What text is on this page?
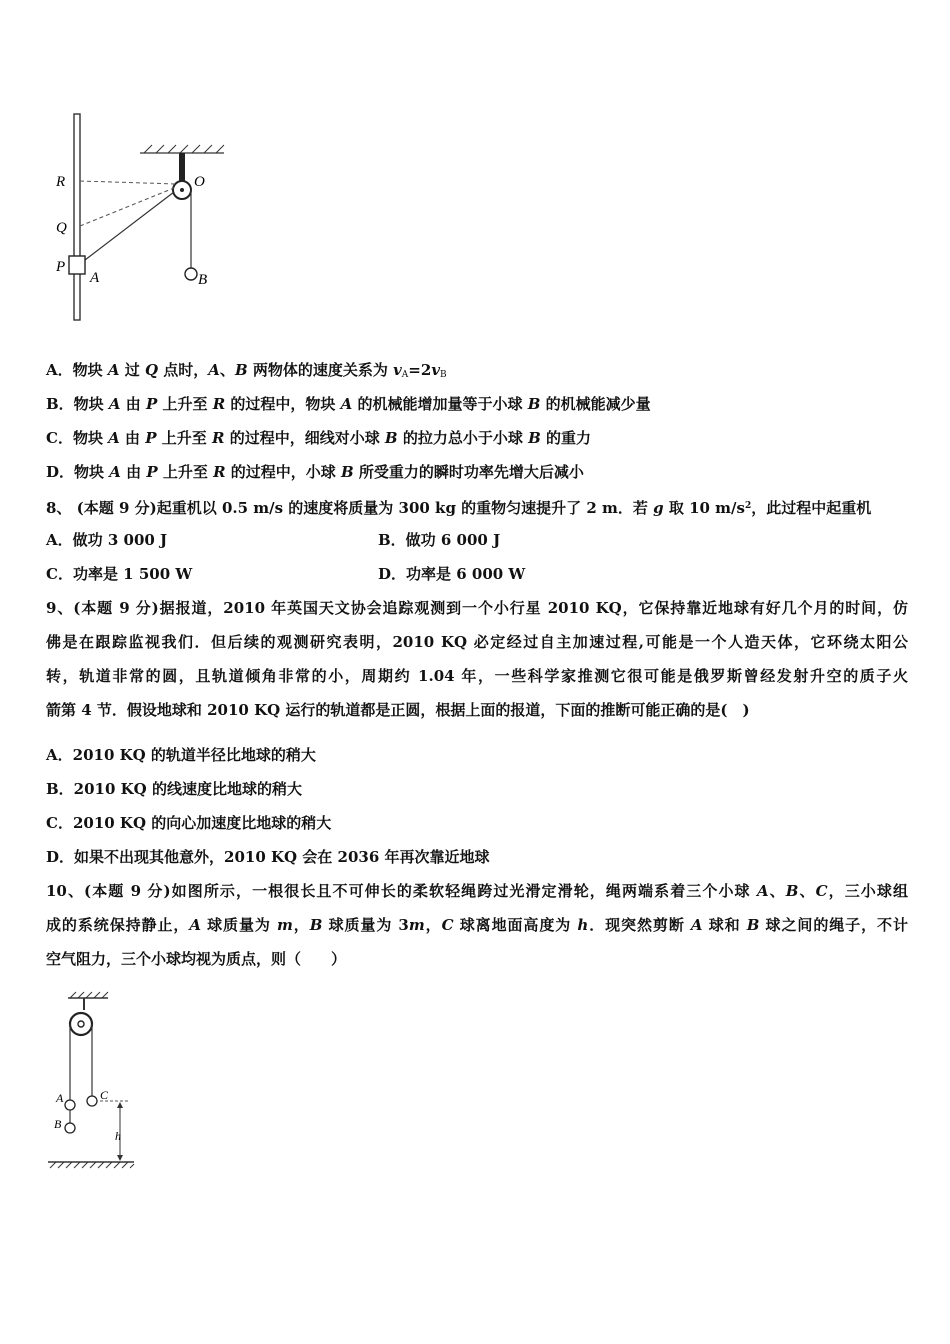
R
Q
P
A
O
B
A．物块 A 过 Q 点时，A、B 两物体的速度关系为 $v_A=2v_B$
B．物块 A 由 P 上升至 R 的过程中，物块 A 的机械能增加量等于小球 B 的机械能减少量
C．物块 A 由 P 上升至 R 的过程中，细线对小球 B 的拉力总小于小球 B 的重力
D．物块 A 由 P 上升至 R 的过程中，小球 B 所受重力的瞬时功率先增大后减小
8、 (本题 9 分)起重机以 0.5 m/s 的速度将质量为 300 kg 的重物匀速提升了 2 m．若 g 取 10 $m/s^2$，此过程中起重机
A．做功 3 000 J	B．做功 6 000 J
C．功率是 1 500 W	D．功率是 6 000 W
9、(本题 9 分)据报道，2010 年英国天文协会追踪观测到一个小行星 2010 KQ，它保持靠近地球有好几个月的时间，仿
佛是在跟踪监视我们．但后续的观测研究表明，2010 KQ 必定经过自主加速过程,可能是一个人造天体，它环绕太阳公
转，轨道非常的圆，且轨道倾角非常的小，周期约 1.04 年，一些科学家推测它很可能是俄罗斯曾经发射升空的质子火
箭第 4 节．假设地球和 2010 KQ 运行的轨道都是正圆，根据上面的报道，下面的推断可能正确的是(　)
A．2010 KQ 的轨道半径比地球的稍大
B．2010 KQ 的线速度比地球的稍大
C．2010 KQ 的向心加速度比地球的稍大
D．如果不出现其他意外，2010 KQ 会在 2036 年再次靠近地球
10、(本题 9 分)如图所示，一根很长且不可伸长的柔软轻绳跨过光滑定滑轮，绳两端系着三个小球 A、B、C，三小球组
成的系统保持静止，A 球质量为 m，B 球质量为 3m，C 球离地面高度为 h．现突然剪断 A 球和 B 球之间的绳子，不计
空气阻力，三个小球均视为质点，则（　　）
A
B
C
h
